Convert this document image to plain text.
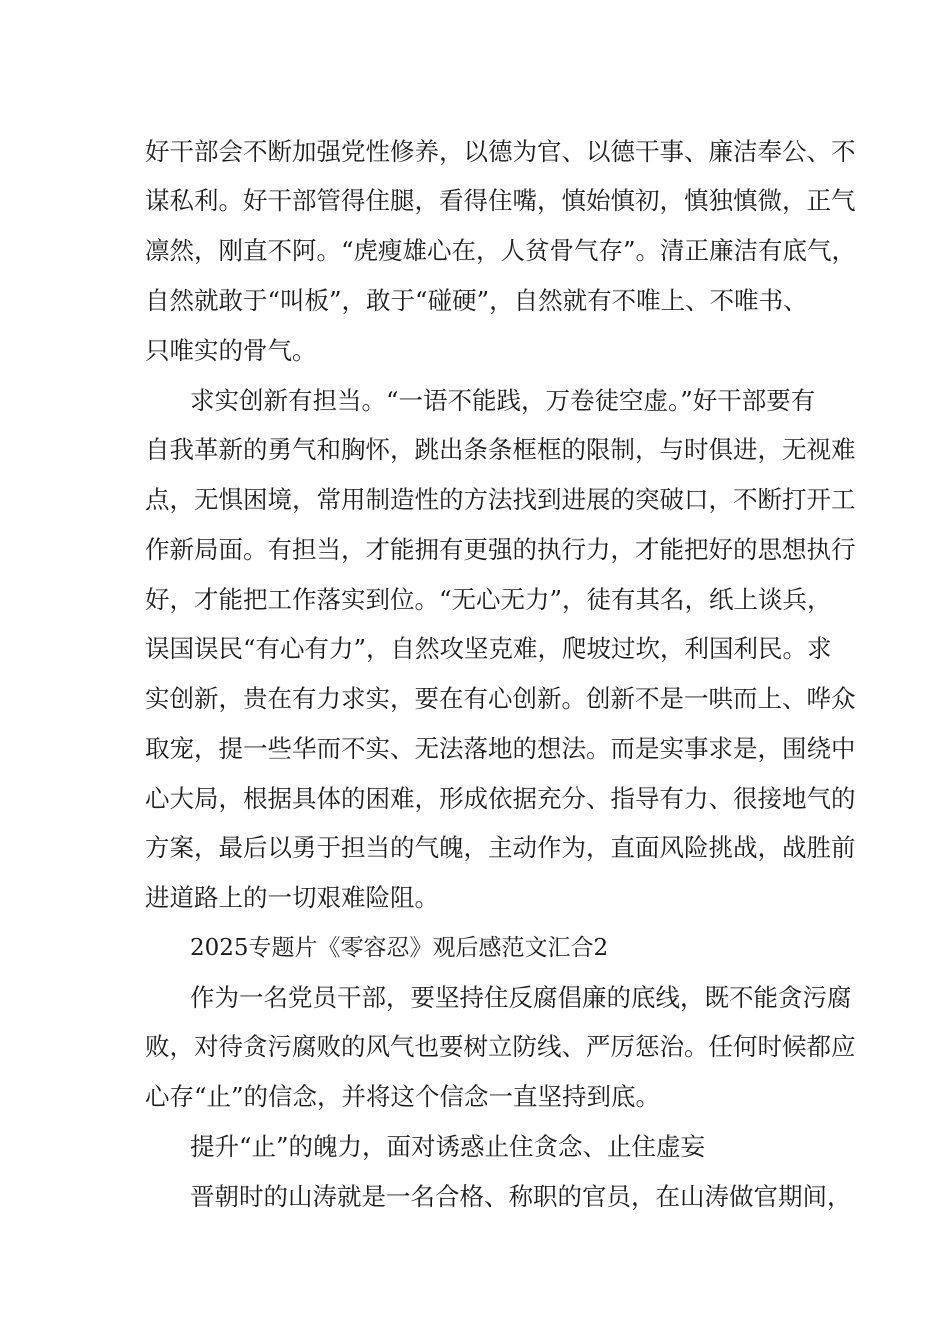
好干部会不断加强党性修养，以德为官、以德干事、廉洁奉公、不

谋私利。好干部管得住腿，看得住嘴，慎始慎初，慎独慎微，正气

凛然，刚直不阿。“虎瘦雄心在，人贫骨气存”。清正廉洁有底气，

自然就敢于“叫板”，敢于“碰硬”，自然就有不唯上、不唯书、

只唯实的骨气。

求实创新有担当。“一语不能践，万卷徒空虚。”好干部要有

自我革新的勇气和胸怀，跳出条条框框的限制，与时俱进，无视难

点，无惧困境，常用制造性的方法找到进展的突破口，不断打开工

作新局面。有担当，才能拥有更强的执行力，才能把好的思想执行

好，才能把工作落实到位。“无心无力”，徒有其名，纸上谈兵，

误国误民“有心有力”，自然攻坚克难，爬坡过坎，利国利民。求

实创新，贵在有力求实，要在有心创新。创新不是一哄而上、哗众

取宠，提一些华而不实、无法落地的想法。而是实事求是，围绕中

心大局，根据具体的困难，形成依据充分、指导有力、很接地气的

方案，最后以勇于担当的气魄，主动作为，直面风险挑战，战胜前

进道路上的一切艰难险阻。

2025专题片《零容忍》观后感范文汇合2

作为一名党员干部，要坚持住反腐倡廉的底线，既不能贪污腐

败，对待贪污腐败的风气也要树立防线、严厉惩治。任何时候都应

心存“止”的信念，并将这个信念一直坚持到底。

提升“止”的魄力，面对诱惑止住贪念、止住虚妄

晋朝时的山涛就是一名合格、称职的官员，在山涛做官期间，
